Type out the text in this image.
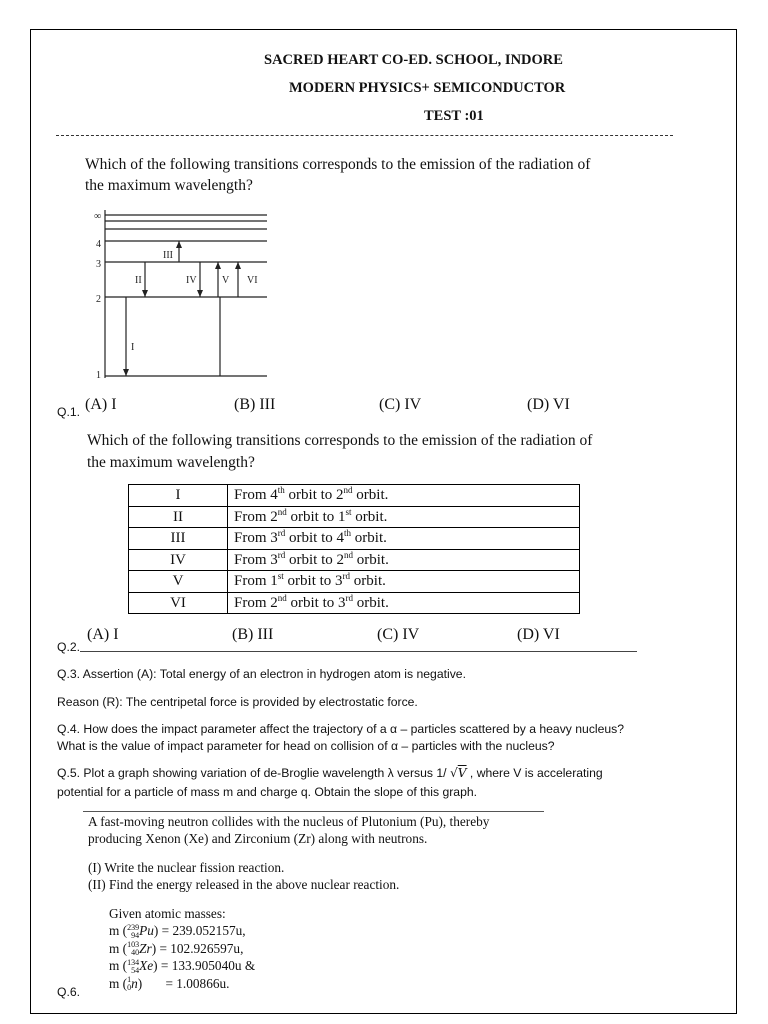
SACRED HEART CO-ED. SCHOOL, INDORE
MODERN PHYSICS+ SEMICONDUCTOR
TEST :01
Which of the following transitions corresponds to the emission of the radiation of
the maximum wavelength?
∞
4
3
2
1
I
II
III
IV	V VI
Q.1. (A) I	(B) III	(C) IV	(D) VI
Which of the following transitions corresponds to the emission of the radiation of
the maximum wavelength?
I	From 4th orbit to 2nd orbit.
II	From 2nd orbit to 1st orbit.
III	From 3rd orbit to 4th orbit.
IV	From 3rd orbit to 2nd orbit.
V	From 1st orbit to 3rd orbit.
VI	From 2nd orbit to 3rd orbit.
Q.2.
(A) I	(B) III	(C) IV	(D) VI
Q.3. Assertion (A): Total energy of an electron in hydrogen atom is negative.
Reason (R): The centripetal force is provided by electrostatic force.
Q.4. How does the impact parameter affect the trajectory of a α – particles scattered by a heavy nucleus?
What is the value of impact parameter for head on collision of α – particles with the nucleus?
Q.5. Plot a graph showing variation of de-Broglie wavelength λ versus 1/ √V , where V is accelerating
potential for a particle of mass m and charge q. Obtain the slope of this graph.
A fast-moving neutron collides with the nucleus of Plutonium (Pu), thereby
producing Xenon (Xe) and Zirconium (Zr) along with neutrons.
(I) Write the nuclear fission reaction.
(II) Find the energy released in the above nuclear reaction.
Given atomic masses:
m ( 239
94 Pu) = 239.052157u,
m ( 103
40 Zr) = 102.926597u,
m ( 134
54 Xe) = 133.905040u &
m ( 1
0 n)       = 1.00866u.
Q.6.
